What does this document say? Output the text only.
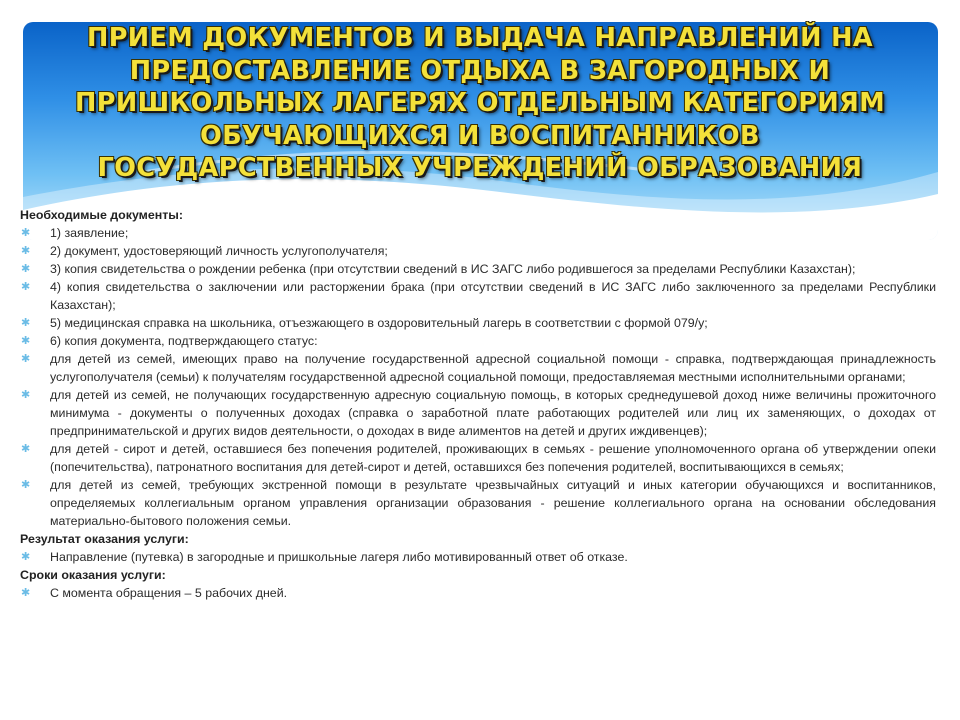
ПРИЕМ ДОКУМЕНТОВ И ВЫДАЧА НАПРАВЛЕНИЙ НА
ПРЕДОСТАВЛЕНИЕ ОТДЫХА В ЗАГОРОДНЫХ И
ПРИШКОЛЬНЫХ ЛАГЕРЯХ ОТДЕЛЬНЫМ КАТЕГОРИЯМ
ОБУЧАЮЩИХСЯ И ВОСПИТАННИКОВ
ГОСУДАРСТВЕННЫХ УЧРЕЖДЕНИЙ ОБРАЗОВАНИЯ
Необходимые документы:
✱ 1) заявление;
✱ 2) документ, удостоверяющий личность услугополучателя;
✱ 3) копия свидетельства о рождении ребенка (при отсутствии сведений в ИС ЗАГС либо родившегося за пределами Республики Казахстан);
✱ 4) копия свидетельства о заключении или расторжении брака (при отсутствии сведений в ИС ЗАГС либо заключенного за пределами Республики Казахстан);
✱ 5) медицинская справка на школьника, отъезжающего в оздоровительный лагерь в соответствии с формой 079/у;
✱ 6) копия документа, подтверждающего статус:
✱ для детей из семей, имеющих право на получение государственной адресной социальной помощи - справка, подтверждающая принадлежность услугополучателя (семьи) к получателям государственной адресной социальной помощи, предоставляемая местными исполнительными органами;
✱ для детей из семей, не получающих государственную адресную социальную помощь, в которых среднедушевой доход ниже величины прожиточного минимума - документы о полученных доходах (справка о заработной плате работающих родителей или лиц их заменяющих, о доходах от предпринимательской и других видов деятельности, о доходах в виде алиментов на детей и других иждивенцев);
✱ для детей - сирот и детей, оставшиеся без попечения родителей, проживающих в семьях - решение уполномоченного органа об утверждении опеки (попечительства), патронатного воспитания для детей-сирот и детей, оставшихся без попечения родителей, воспитывающихся в семьях;
✱ для детей из семей, требующих экстренной помощи в результате чрезвычайных ситуаций и иных категории обучающихся и воспитанников, определяемых коллегиальным органом управления организации образования - решение коллегиального органа на основании обследования материально-бытового положения семьи.
Результат оказания услуги:
✱ Направление (путевка) в загородные и пришкольные лагеря либо мотивированный ответ об отказе.
Сроки оказания услуги:
✱ С момента обращения – 5 рабочих дней.
